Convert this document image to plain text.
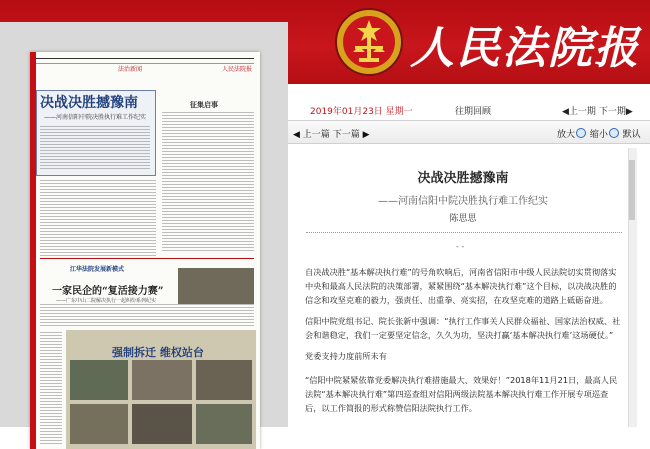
人民法院报
法治新闻	人民法院报
决战决胜撼豫南
——河南信阳中院决胜执行难工作纪实
征集启事
江华法院发展新模式
一家民企的“复活接力赛”
——广东中山二院解决执行一起纠纷系列纪实
强制拆迁 维权站台
2019年01月23日 星期一	往期回顾	◀上一期 下一期▶
◀ 上一篇 下一篇 ▶	放大 缩小 默认
决战决胜撼豫南
——河南信阳中院决胜执行难工作纪实
陈思思
- -
自决战决胜“基本解决执行难”的号角吹响后，河南省信阳市中级人民法院切实贯彻落实中央和最高人民法院的决策部署，紧紧围绕“基本解决执行难”这个目标，以决战决胜的信念和攻坚克难的毅力，强责任、出重拳、亮实招，在攻坚克难的道路上砥砺奋进。
信阳中院党组书记、院长张新中强调：“执行工作事关人民群众福祉、国家法治权威、社会和谐稳定，我们一定要坚定信念，久久为功，坚决打赢‘基本解决执行难’这场硬仗。”
党委支持力度前所未有
“信阳中院紧紧依靠党委解决执行难措施最大、效果好！”2018年11月21日，最高人民法院“基本解决执行难”第四巡查组对信阳两级法院基本解决执行难工作开展专项巡查后，以工作简报的形式称赞信阳法院执行工作。
